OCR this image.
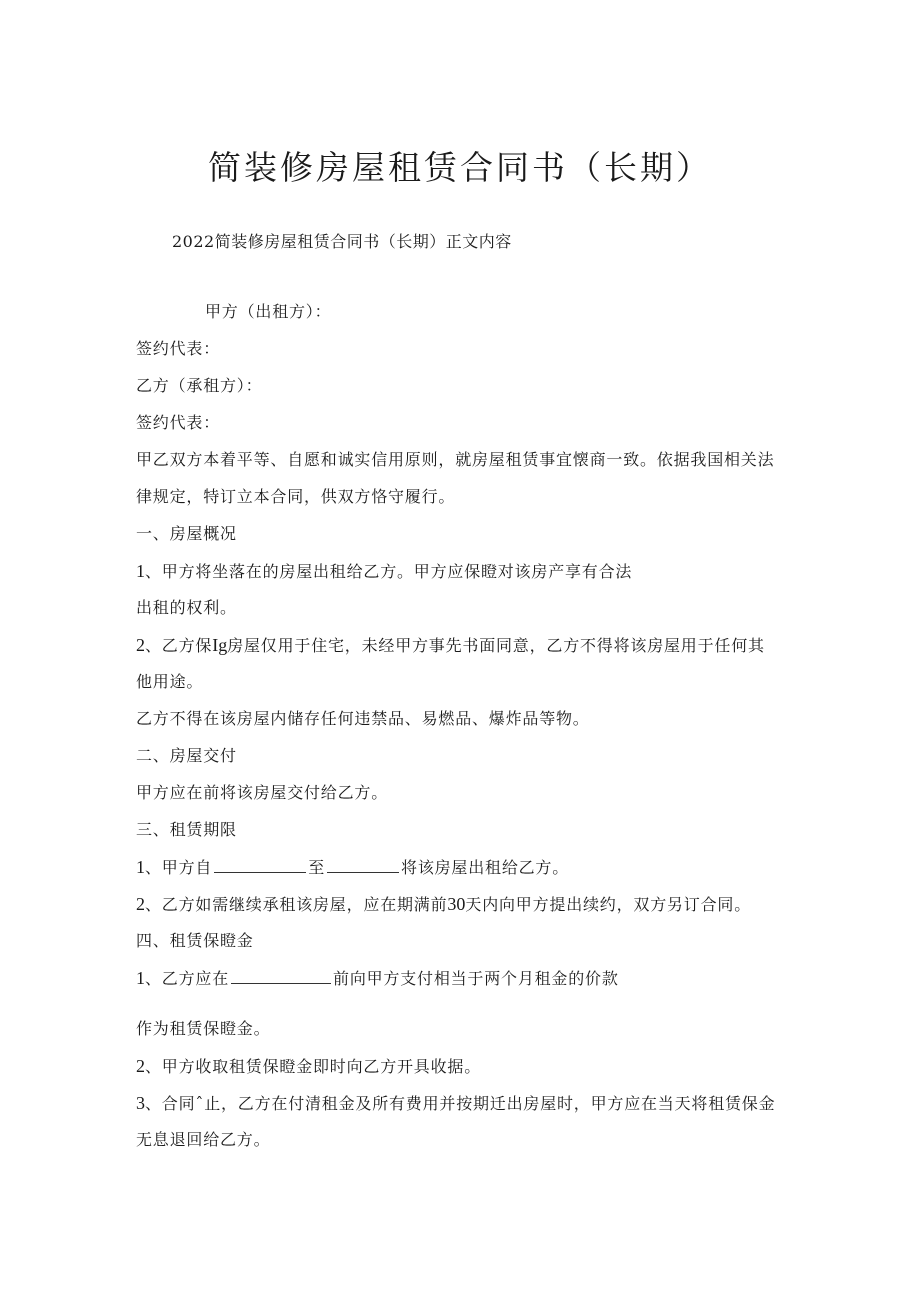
简装修房屋租赁合同书（长期）
2022简装修房屋租赁合同书（长期）正文内容
甲方（出租方）：
签约代表：
乙方（承租方）：
签约代表：
甲乙双方本着平等、自愿和诚实信用原则，就房屋租赁事宜懐商一致。依据我国相关法
律规定，特订立本合同，供双方恪守履行。
一、房屋概况
1、甲方将坐落在的房屋出租给乙方。甲方应保瞪对该房产享有合法
出租的权利。
2、乙方保Ig房屋仅用于住宅，未经甲方事先书面同意，乙方不得将该房屋用于任何其
他用途。
乙方不得在该房屋内储存任何违禁品、易燃品、爆炸品等物。
二、房屋交付
甲方应在前将该房屋交付给乙方。
三、租赁期限
1、甲方自	至	将该房屋出租给乙方。
2、乙方如需继续承租该房屋，应在期满前30天内向甲方提出续约，双方另订合同。
四、租赁保瞪金
1、乙方应在	前向甲方支付相当于两个月租金的价款
作为租赁保瞪金。
2、甲方收取租赁保瞪金即时向乙方开具收据。
3、合同ˆ止，乙方在付清租金及所有费用并按期迁出房屋时，甲方应在当天将租赁保金
无息退回给乙方。
